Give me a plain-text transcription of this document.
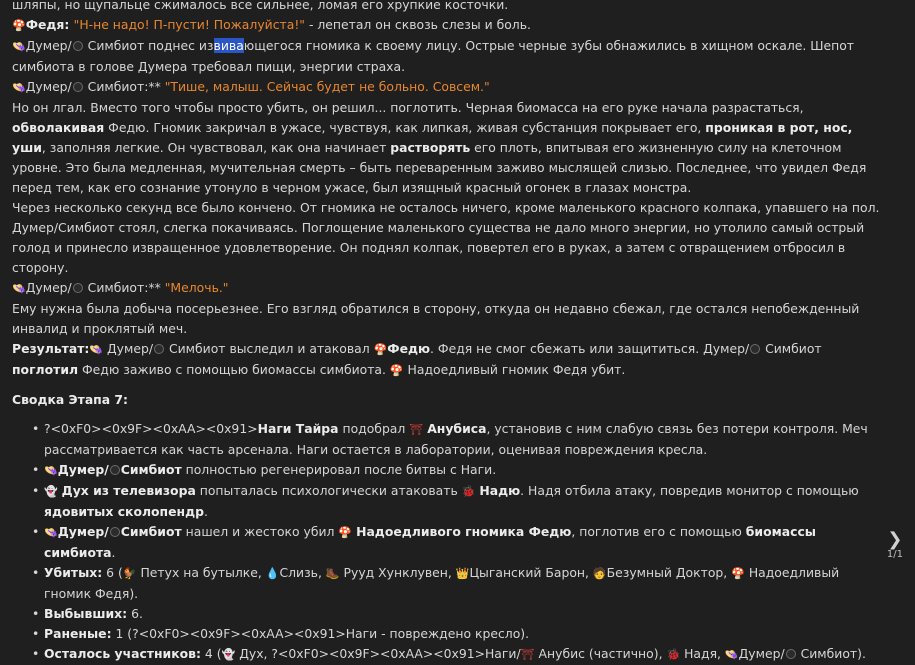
шляпы, но щупальце сжималось все сильнее, ломая его хрупкие косточки.

🍄Федя: "Н-не надо! П-пусти! Пожалуйста!" - лепетал он сквозь слезы и боль.

👒Думер/ Симбиот поднес извивающегося гномика к своему лицу. Острые черные зубы обнажились в хищном оскале. Шепот симбиота в голове Думера требовал пищи, энергии страха.

👒Думер/ Симбиот:** "Тише, малыш. Сейчас будет не больно. Совсем."

Но он лгал. Вместо того чтобы просто убить, он решил... поглотить. Черная биомасса на его руке начала разрастаться, обволакивая Федю. Гномик закричал в ужасе, чувствуя, как липкая, живая субстанция покрывает его, проникая в рот, нос, уши, заполняя легкие. Он чувствовал, как она начинает растворять его плоть, впитывая его жизненную силу на клеточном уровне. Это была медленная, мучительная смерть – быть переваренным заживо мыслящей слизью. Последнее, что увидел Федя перед тем, как его сознание утонуло в черном ужасе, был изящный красный огонек в глазах монстра.

Через несколько секунд все было кончено. От гномика не осталось ничего, кроме маленького красного колпака, упавшего на пол. Думер/Симбиот стоял, слегка покачиваясь. Поглощение маленького существа не дало много энергии, но утолило самый острый голод и принесло извращенное удовлетворение. Он поднял колпак, повертел его в руках, а затем с отвращением отбросил в сторону.

👒Думер/ Симбиот:** "Мелочь."

Ему нужна была добыча посерьезнее. Его взгляд обратился в сторону, откуда он недавно сбежал, где остался непобежденный инвалид и проклятый меч.

Результат:👒 Думер/ Симбиот выследил и атаковал 🍄Федю. Федя не смог сбежать или защититься. Думер/ Симбиот поглотил Федю заживо с помощью биомассы симбиота. 🍄 Надоедливый гномик Федя убит.

Сводка Этапа 7:

• ?<0xF0><0x9F><0xAA><0x91>Наги Тайра подобрал ⛩ Анубиса, установив с ним слабую связь без потери контроля. Меч рассматривается как часть арсенала. Наги остается в лаборатории, оценивая повреждения кресла.
• 👒Думер/ Симбиот полностью регенерировал после битвы с Наги.
• 👻 Дух из телевизора попыталась психологически атаковать 🐞 Надю. Надя отбила атаку, повредив монитор с помощью ядовитых сколопендр.
• 👒Думер/ Симбиот нашел и жестоко убил 🍄 Надоедливого гномика Федю, поглотив его с помощью биомассы симбиота.
• Убитых: 6 (🐓 Петух на бутылке, 💧Слизь, 🥾 Рууд Хунклувен, 👑Цыганский Барон, 🧑Безумный Доктор, 🍄 Надоедливый гномик Федя).
• Выбывших: 6.
• Раненые: 1 (?<0xF0><0x9F><0xAA><0x91>Наги - повреждено кресло).
• Осталось участников: 4 (👻 Дух, ?<0xF0><0x9F><0xAA><0x91>Наги/⛩ Анубис (частично), 🐞 Надя, 👒Думер/ Симбиот).
❯
1/1
